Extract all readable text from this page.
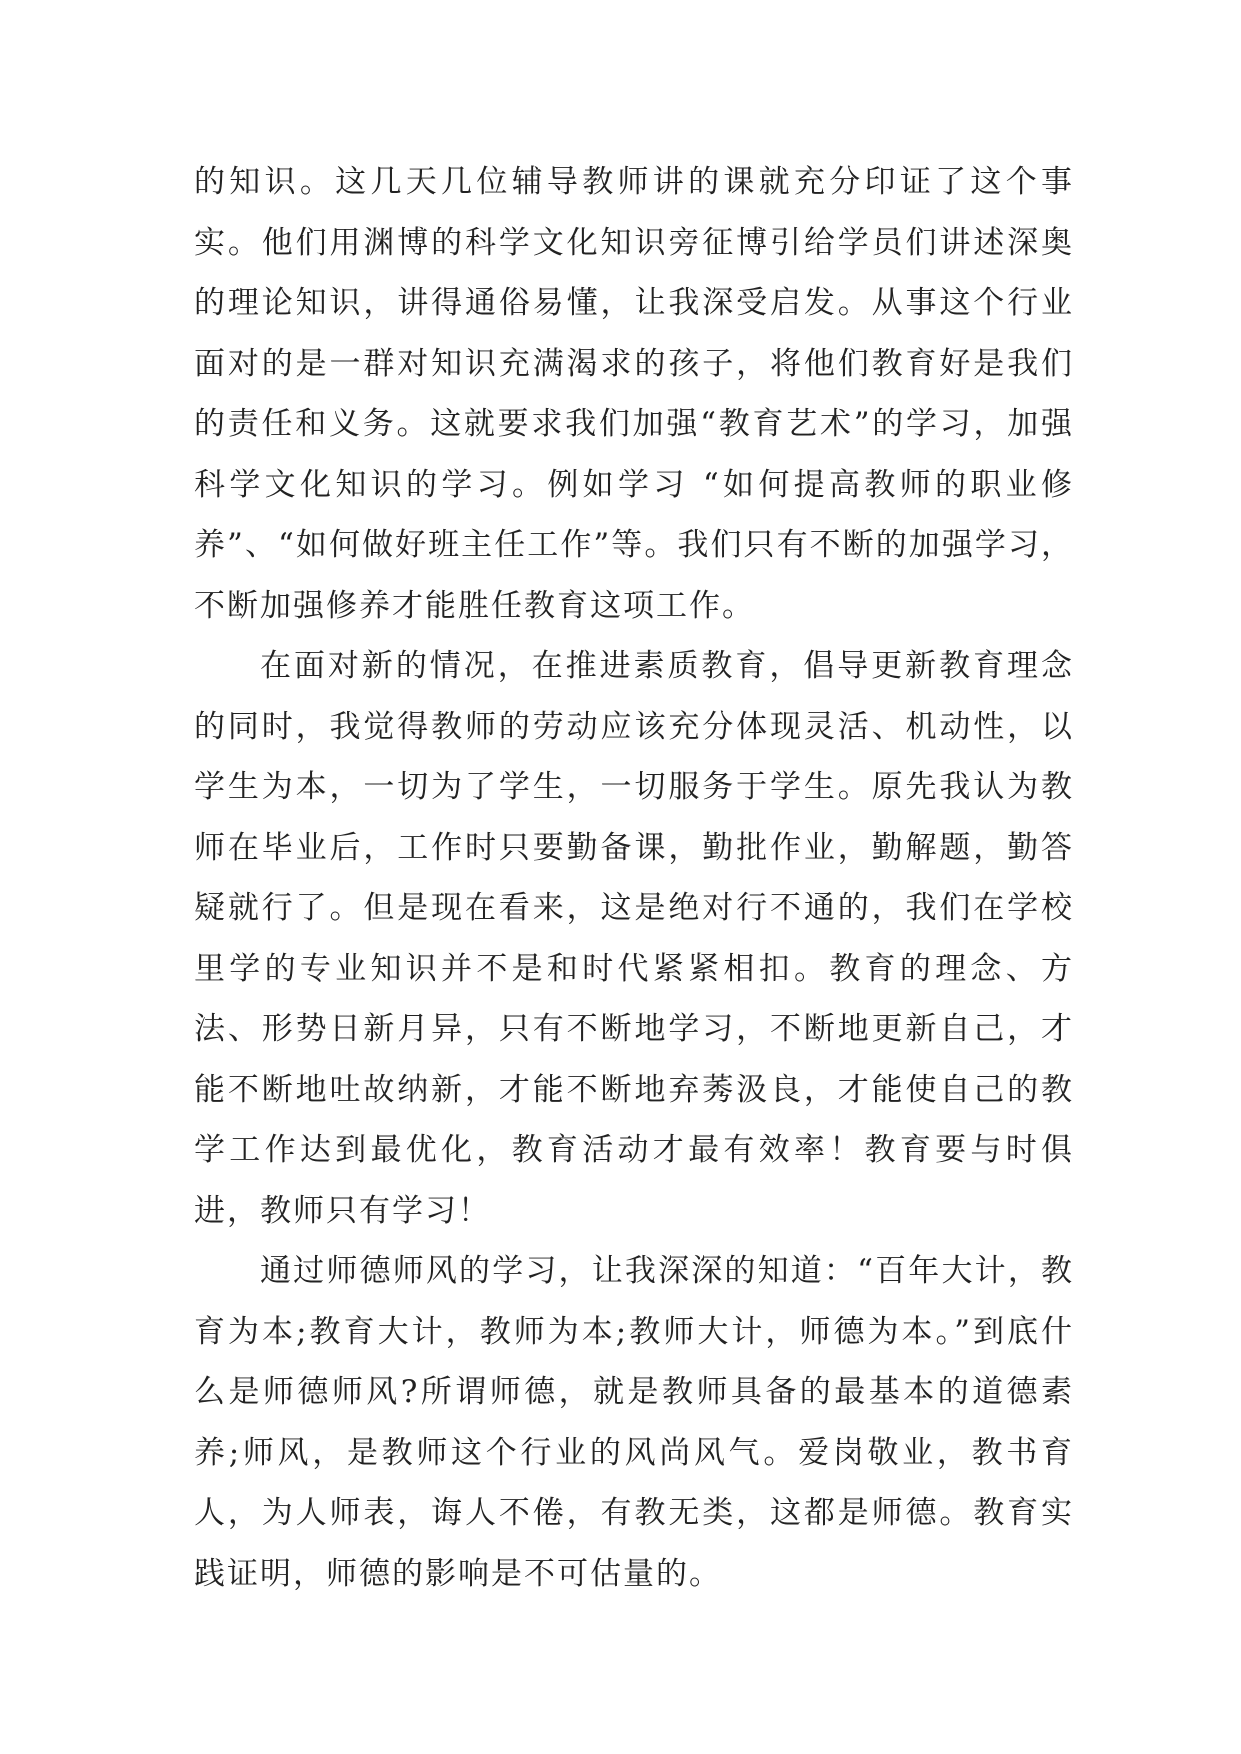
的知识。这几天几位辅导教师讲的课就充分印证了这个事实。他们用渊博的科学文化知识旁征博引给学员们讲述深奥的理论知识，讲得通俗易懂，让我深受启发。从事这个行业面对的是一群对知识充满渴求的孩子，将他们教育好是我们的责任和义务。这就要求我们加强“教育艺术”的学习，加强科学文化知识的学习。例如学习 “如何提高教师的职业修养”、“如何做好班主任工作”等。我们只有不断的加强学习，不断加强修养才能胜任教育这项工作。

在面对新的情况，在推进素质教育，倡导更新教育理念的同时，我觉得教师的劳动应该充分体现灵活、机动性，以学生为本，一切为了学生，一切服务于学生。原先我认为教师在毕业后，工作时只要勤备课，勤批作业，勤解题，勤答疑就行了。但是现在看来，这是绝对行不通的，我们在学校里学的专业知识并不是和时代紧紧相扣。教育的理念、方法、形势日新月异，只有不断地学习，不断地更新自己，才能不断地吐故纳新，才能不断地弃莠汲良，才能使自己的教学工作达到最优化，教育活动才最有效率！教育要与时俱进，教师只有学习！

通过师德师风的学习，让我深深的知道：“百年大计，教育为本;教育大计，教师为本;教师大计，师德为本。”到底什么是师德师风?所谓师德，就是教师具备的最基本的道德素养;师风，是教师这个行业的风尚风气。爱岗敬业，教书育人，为人师表，诲人不倦，有教无类，这都是师德。教育实践证明，师德的影响是不可估量的。
